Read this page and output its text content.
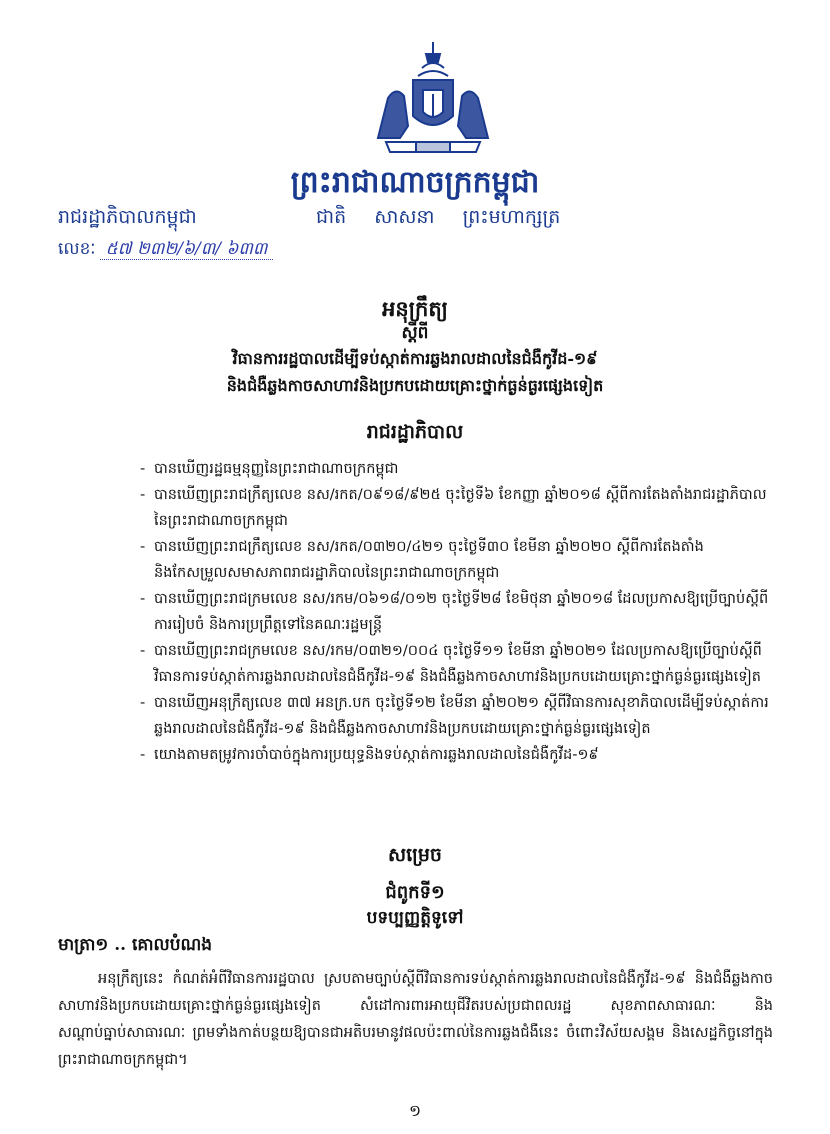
ព្រះរាជាណាចក្រកម្ពុជា
រាជរដ្ឋាភិបាលកម្ពុជា	ជាតិ សាសនា ព្រះមហាក្សត្រ
លេខៈ ៥៧ ២៣២/៦/៣/ ៦៣៣
អនុក្រឹត្យ
ស្តីពី
វិធានការរដ្ឋបាលដើម្បីទប់ស្កាត់ការឆ្លងរាលដាលនៃជំងឺកូវីដ-១៩
និងជំងឺឆ្លងកាចសាហាវនិងប្រកបដោយគ្រោះថ្នាក់ធ្ងន់ធ្ងរផ្សេងទៀត
រាជរដ្ឋាភិបាល
- បានឃើញរដ្ឋធម្មនុញ្ញនៃព្រះរាជាណាចក្រកម្ពុជា
- បានឃើញព្រះរាជក្រឹត្យលេខ នស/រកត/០៩១៨/៩២៥ ចុះថ្ងៃទី៦ ខែកញ្ញា ឆ្នាំ២០១៨ ស្តីពីការតែងតាំងរាជរដ្ឋាភិបាលនៃព្រះរាជាណាចក្រកម្ពុជា
- បានឃើញព្រះរាជក្រឹត្យលេខ នស/រកត/០៣២០/៤២១ ចុះថ្ងៃទី៣០ ខែមីនា ឆ្នាំ២០២០ ស្តីពីការតែងតាំង និងកែសម្រួលសមាសភាពរាជរដ្ឋាភិបាលនៃព្រះរាជាណាចក្រកម្ពុជា
- បានឃើញព្រះរាជក្រមលេខ នស/រកម/០៦១៨/០១២ ចុះថ្ងៃទី២៨ ខែមិថុនា ឆ្នាំ២០១៨ ដែលប្រកាសឱ្យប្រើច្បាប់ស្តីពីការរៀបចំ និងការប្រព្រឹត្តទៅនៃគណៈរដ្ឋមន្ត្រី
- បានឃើញព្រះរាជក្រមលេខ នស/រកម/០៣២១/០០៤ ចុះថ្ងៃទី១១ ខែមីនា ឆ្នាំ២០២១ ដែលប្រកាសឱ្យប្រើច្បាប់ស្តីពីវិធានការទប់ស្កាត់ការឆ្លងរាលដាលនៃជំងឺកូវីដ-១៩ និងជំងឺឆ្លងកាចសាហាវនិងប្រកបដោយគ្រោះថ្នាក់ធ្ងន់ធ្ងរផ្សេងទៀត
- បានឃើញអនុក្រឹត្យលេខ ៣៧ អនក្រ.បក ចុះថ្ងៃទី១២ ខែមីនា ឆ្នាំ២០២១ ស្តីពីវិធានការសុខាភិបាលដើម្បីទប់ស្កាត់ការឆ្លងរាលដាលនៃជំងឺកូវីដ-១៩ និងជំងឺឆ្លងកាចសាហាវនិងប្រកបដោយគ្រោះថ្នាក់ធ្ងន់ធ្ងរផ្សេងទៀត
- យោងតាមតម្រូវការចាំបាច់ក្នុងការប្រយុទ្ធនិងទប់ស្កាត់ការឆ្លងរាលដាលនៃជំងឺកូវីដ-១៩
សម្រេច
ជំពូកទី១
បទប្បញ្ញត្តិទូទៅ
មាត្រា១ .. គោលបំណង

អនុក្រឹត្យនេះ កំណត់អំពីវិធានការរដ្ឋបាល ស្របតាមច្បាប់ស្តីពីវិធានការទប់ស្កាត់ការឆ្លងរាលដាលនៃជំងឺកូវីដ-១៩ និងជំងឺឆ្លងកាចសាហាវនិងប្រកបដោយគ្រោះថ្នាក់ធ្ងន់ធ្ងរផ្សេងទៀត សំដៅការពារអាយុជីវិតរបស់ប្រជាពលរដ្ឋ សុខភាពសាធារណៈ និងសណ្តាប់ធ្នាប់សាធារណៈ ព្រមទាំងកាត់បន្ថយឱ្យបានជាអតិបរមានូវផលប៉ះពាល់នៃការឆ្លងជំងឺនេះ ចំពោះវិស័យសង្គម និងសេដ្ឋកិច្ចនៅក្នុងព្រះរាជាណាចក្រកម្ពុជា។

១
